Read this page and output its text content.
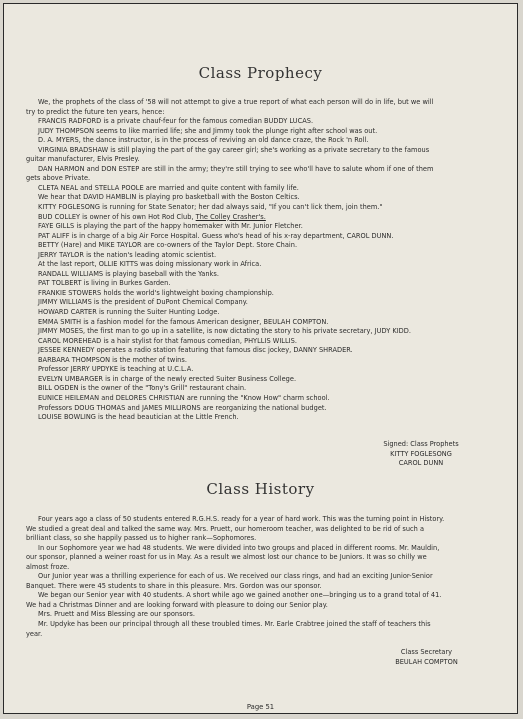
Class Prophecy

We, the prophets of the class of '58 will not attempt to give a true report of what each person will do in life, but we will

try to predict the future ten years, hence:

FRANCIS RADFORD is a private chauf-feur for the famous comedian BUDDY LUCAS.

JUDY THOMPSON seems to like married life; she and Jimmy took the plunge right after school was out.

D. A. MYERS, the dance instructor, is in the process of reviving an old dance craze, the Rock 'n Roll.

VIRGINIA BRADSHAW is still playing the part of the gay career girl; she's working as a private secretary to the famous

guitar manufacturer, Elvis Presley.

DAN HARMON and DON ESTEP are still in the army; they're still trying to see who'll have to salute whom if one of them

gets above Private.

CLETA NEAL and STELLA POOLE are married and quite content with family life.

We hear that DAVID HAMBLIN is playing pro basketball with the Boston Celtics.

KITTY FOGLESONG is running for State Senator; her dad always said, "If you can't lick them, join them."

BUD COLLEY is owner of his own Hot Rod Club, The Colley Crasher's.

FAYE GILLS is playing the part of the happy homemaker with Mr. Junior Fletcher.

PAT ALIFF is in charge of a big Air Force Hospital. Guess who's head of his x-ray department, CAROL DUNN.

BETTY (Hare) and MIKE TAYLOR are co-owners of the Taylor Dept. Store Chain.

JERRY TAYLOR is the nation's leading atomic scientist.

At the last report, OLLIE KITTS was doing missionary work in Africa.

RANDALL WILLIAMS is playing baseball with the Yanks.

PAT TOLBERT is living in Burkes Garden.

FRANKIE STOWERS holds the world's lightweight boxing championship.

JIMMY WILLIAMS is the president of DuPont Chemical Company.

HOWARD CARTER is running the Suiter Hunting Lodge.

EMMA SMITH is a fashion model for the famous American designer, BEULAH COMPTON.

JIMMY MOSES, the first man to go up in a satellite, is now dictating the story to his private secretary, JUDY KIDD.

CAROL MOREHEAD is a hair stylist for that famous comedian, PHYLLIS WILLIS.

JESSEE KENNEDY operates a radio station featuring that famous disc jockey, DANNY SHRADER.

BARBARA THOMPSON is the mother of twins.

Professor JERRY UPDYKE is teaching at U.C.L.A.

EVELYN UMBARGER is in charge of the newly erected Suiter Business College.

BILL OGDEN is the owner of the "Tony's Grill" restaurant chain.

EUNICE HEILEMAN and DELORES CHRISTIAN are running the "Know How" charm school.

Professors DOUG THOMAS and JAMES MILLIRONS are reorganizing the national budget.

LOUISE BOWLING is the head beautician at the Little French.

Signed: Class Prophets
KITTY FOGLESONG
CAROL DUNN
Class History

Four years ago a class of 50 students entered R.G.H.S. ready for a year of hard work. This was the turning point in History.

We studied a great deal and talked the same way. Mrs. Pruett, our homeroom teacher, was delighted to be rid of such a

brilliant class, so she happily passed us to higher rank—Sophomores.

In our Sophomore year we had 48 students. We were divided into two groups and placed in different rooms. Mr. Mauldin,

our sponsor, planned a weiner roast for us in May. As a result we almost lost our chance to be Juniors. It was so chilly we

almost froze.

Our Junior year was a thrilling experience for each of us. We received our class rings, and had an exciting Junior-Senior

Banquet. There were 45 students to share in this pleasure. Mrs. Gordon was our sponsor.

We began our Senior year with 40 students. A short while ago we gained another one—bringing us to a grand total of 41.

We had a Christmas Dinner and are looking forward with pleasure to doing our Senior play.

Mrs. Pruett and Miss Blessing are our sponsors.

Mr. Updyke has been our principal through all these troubled times. Mr. Earle Crabtree joined the staff of teachers this

year.

Class Secretary
BEULAH COMPTON
Page 51
